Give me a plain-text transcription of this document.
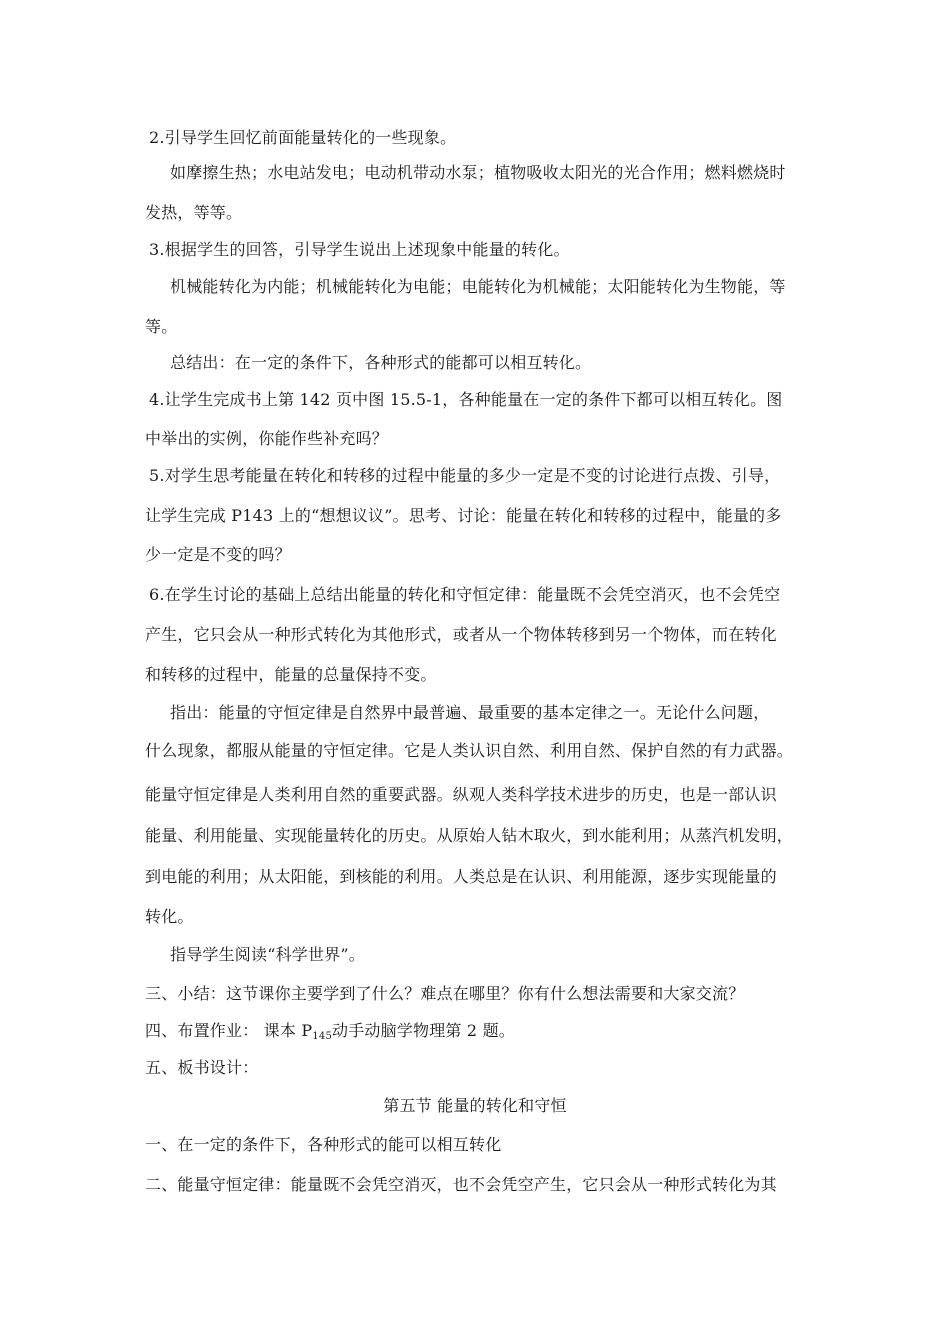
2.引导学生回忆前面能量转化的一些现象。
如摩擦生热；水电站发电；电动机带动水泵；植物吸收太阳光的光合作用；燃料燃烧时
发热，等等。
3.根据学生的回答，引导学生说出上述现象中能量的转化。
机械能转化为内能；机械能转化为电能；电能转化为机械能；太阳能转化为生物能，等
等。
总结出：在一定的条件下，各种形式的能都可以相互转化。
4.让学生完成书上第 142 页中图 15.5-1，各种能量在一定的条件下都可以相互转化。图
中举出的实例，你能作些补充吗？
5.对学生思考能量在转化和转移的过程中能量的多少一定是不变的讨论进行点拨、引导，
让学生完成 P143 上的“想想议议”。思考、讨论：能量在转化和转移的过程中，能量的多
少一定是不变的吗？
6.在学生讨论的基础上总结出能量的转化和守恒定律：能量既不会凭空消灭，也不会凭空
产生，它只会从一种形式转化为其他形式，或者从一个物体转移到另一个物体，而在转化
和转移的过程中，能量的总量保持不变。
指出：能量的守恒定律是自然界中最普遍、最重要的基本定律之一。无论什么问题，
什么现象，都服从能量的守恒定律。它是人类认识自然、利用自然、保护自然的有力武器。
能量守恒定律是人类利用自然的重要武器。纵观人类科学技术进步的历史，也是一部认识
能量、利用能量、实现能量转化的历史。从原始人钻木取火，到水能利用；从蒸汽机发明，
到电能的利用；从太阳能，到核能的利用。人类总是在认识、利用能源，逐步实现能量的
转化。
指导学生阅读“科学世界”。
三、小结：这节课你主要学到了什么？难点在哪里？你有什么想法需要和大家交流？
四、布置作业： 课本 $P_{145}$动手动脑学物理第 2 题。
五、板书设计：
第五节 能量的转化和守恒
一、在一定的条件下，各种形式的能可以相互转化
二、能量守恒定律：能量既不会凭空消灭，也不会凭空产生，它只会从一种形式转化为其
